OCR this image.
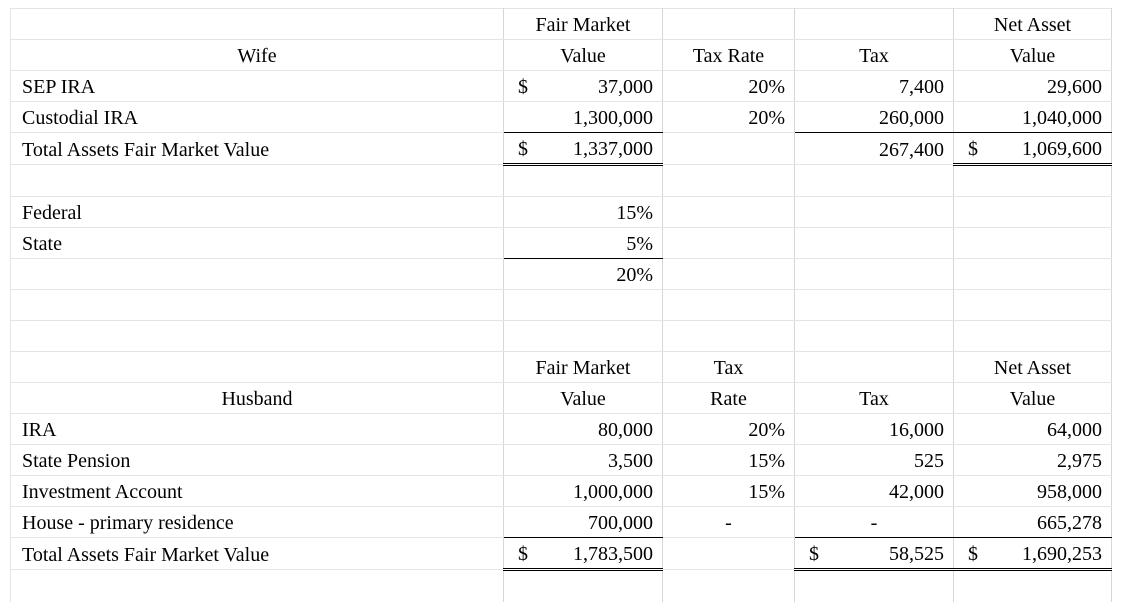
	Fair Market			Net Asset
Wife	Value	Tax Rate	Tax	Value
SEP IRA	$ 37,000	20%	7,400	29,600
Custodial IRA	1,300,000	20%	260,000	1,040,000
Total Assets Fair Market Value	$ 1,337,000		267,400	$ 1,069,600

Federal	15%			
State	5%			
	20%			

	Fair Market	Tax		Net Asset
Husband	Value	Rate	Tax	Value
IRA	80,000	20%	16,000	64,000
State Pension	3,500	15%	525	2,975
Investment Account	1,000,000	15%	42,000	958,000
House - primary residence	700,000	-	-	665,278
Total Assets Fair Market Value	$ 1,783,500		$ 58,525	$ 1,690,253
